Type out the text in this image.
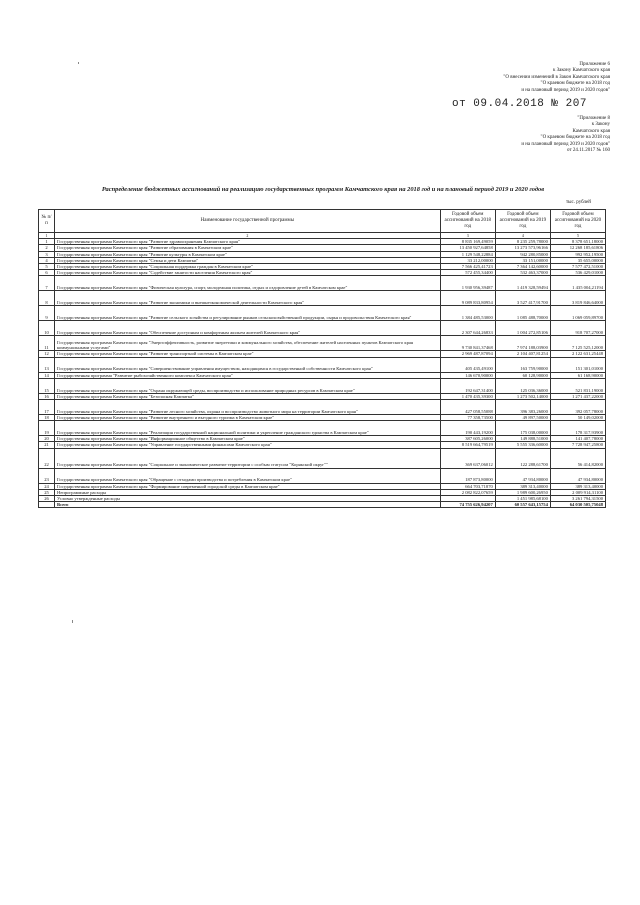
Приложение 6
к Закону Камчатского края
"О внесении изменений в Закон Камчатского края
"О краевом бюджете на 2018 год
и на плановый период 2019 и 2020 годов"
от 09.04.2018 № 207
"Приложение 8
к Закону
Камчатского края
"О краевом бюджете на 2018 год
и на плановый период 2019 и 2020 годов"
от 24.11.2017 № 160
Распределение бюджетных ассигнований на реализацию государственных программ Камчатского края на 2018 год и на плановый период 2019 и 2020 годов
тыс. рублей
№ п/п	Наименование государственной программы	Годовой объем ассигнований на 2018 год	Годовой объем ассигнований на 2019 год	Годовой объем ассигнований на 2020 год
1	2	3	4	5
1	Государственная программа Камчатского края "Развитие здравоохранения Камчатского края"	8 835 169,49059	8 235 259,78000	8 378 651,18000
2	Государственная программа Камчатского края "Развитие образования в Камчатском крае"	13 450 927,64858	13 273 573,96166	12 268 185,61806
3	Государственная программа Камчатского края "Развитие культуры в Камчатском крае"	1 129 548,22884	942 280,85000	992 952,19500
4	Государственная программа Камчатского края "Семья и дети Камчатки"	33 212,00000	33 151,00000	35 655,00000
5	Государственная программа Камчатского края "Социальная поддержка граждан в Камчатском крае"	7 566 425,41723	7 364 142,60000	7 577 472,51000
6	Государственная программа Камчатского края "Содействие занятости населения Камчатского края"	572 455,34400	532 463,37000	536 429,01000
7	Государственная программа Камчатского края "Физическая культура, спорт, молодежная политика, отдых и оздоровление детей в Камчатском крае"	1 930 956,39487	1 419 328,59494	1 435 004,21194
8	Государственная программа Камчатского края "Развитие экономики и внешнеэкономической деятельности Камчатского края"	9 089 833,80954	3 527 417,91700	3 819 846,64000
9	Государственная программа Камчатского края "Развитие сельского хозяйства и регулирование рынков сельскохозяйственной продукции, сырья и продовольствия Камчатского края"	1 384 485,53000	1 085 488,70000	1 069 059,89700
10	Государственная программа Камчатского края "Обеспечение доступным и комфортным жильем жителей Камчатского края"	2 307 644,26833	1 004 272,85106	918 707,27000
11	Государственная программа Камчатского края "Энергоэффективность, развитие энергетики и коммунального хозяйства, обеспечение жителей населенных пунктов Камчатского края коммунальными услугами"	9 730 841,37468	7 974 188,03900	7 125 525,12000
12	Государственная программа Камчатского края "Развитие транспортной системы в Камчатском крае"	2 969 487,87094	2 104 407,81254	2 122 631,25448
13	Государственная программа Камчатского края "Совершенствование управления имуществом, находящимся в государственной собственности Камчатского края"	405 435,49100	163 759,90000	151 301,01000
14	Государственная программа "Развитие рыбохозяйственного комплекса Камчатского края"	146 670,90000	60 128,90000	61 168,90000
15	Государственная программа Камчатского края "Охрана окружающей среды, воспроизводство и использование природных ресурсов в Камчатском крае"	192 647,31400	125 036,36000	521 831,19000
16	Государственная программа Камчатского края "Безопасная Камчатка"	1 470 435,39300	1 273 502,14000	1 271 437,22000
17	Государственная программа Камчатского края "Развитие лесного хозяйства, охрана и воспроизводство животного мира на территории Камчатского края"	427 058,55088	396 383,26000	392 057,78000
18	Государственная программа Камчатского края "Развитие внутреннего и въездного туризма в Камчатском крае"	77 358,73500	49 897,50000	50 149,02000
19	Государственная программа Камчатского края "Реализация государственной национальной политики и укрепление гражданского единства в Камчатском крае"	190 443,19200	175 038,00000	178 317,93900
20	Государственная программа Камчатского края "Информационное общество в Камчатском крае"	387 605,26000	149 888,51000	141 407,78000
21	Государственная программа Камчатского края "Управление государственными финансами Камчатского края"	8 519 664,79519	5 555 336,60000	7 728 947,25800
22	Государственная программа Камчатского края "Социальное и экономическое развитие территории с особым статусом "Корякский округ""	369 637,06012	122 288,61700	56 414,82000
23	Государственная программа Камчатского края "Обращение с отходами производства и потребления в Камчатском крае"	187 873,80000	47 934,80000	47 934,80000
24	Государственная программа Камчатского края "Формирование современной городской среды в Камчатском крае"	664 703,71870	389 313,40000	389 313,40000
25	Непрограммные расходы	2 082 822,07659	1 989 600,26950	2 009 914,31100
26	Условно утвержденные расходы		1 451 985,68100	3 261 794,31500
	Всего	74 755 626,94207	60 557 643,15754	64 030 505,75048
